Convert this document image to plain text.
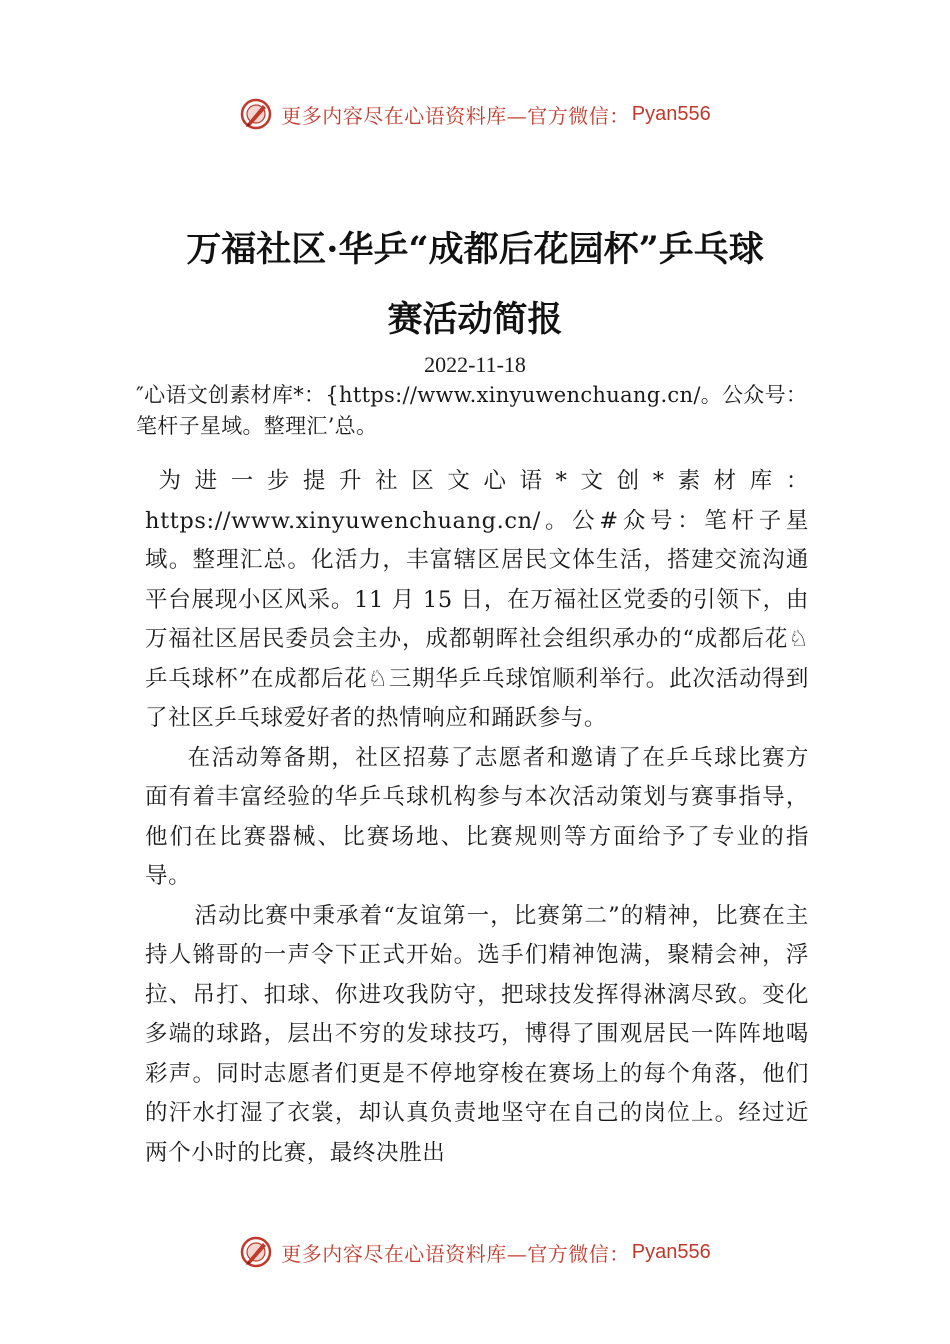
更多内容尽在心语资料库—官方微信： Pyan556
万福社区·华乒“成都后花园杯”乒乓球
赛活动简报
2022-11-18
″心语文创素材库*：{https://www.xinyuwenchuang.cn/。公众号：笔杆子星域。整理汇’总。

为进一步提升社区文心语*文创*素材库：https://www.xinyuwenchuang.cn/。公#众号：笔杆子星域。整理汇总。化活力，丰富辖区居民文体生活，搭建交流沟通平台展现小区风采。11 月 15 日，在万福社区党委的引领下，由万福社区居民委员会主办，成都朝晖社会组织承办的“成都后花♘乒乓球杯”在成都后花♘三期华乒乓球馆顺利举行。此次活动得到了社区乒乓球爱好者的热情响应和踊跃参与。

在活动筹备期，社区招募了志愿者和邀请了在乒乓球比赛方面有着丰富经验的华乒乓球机构参与本次活动策划与赛事指导，他们在比赛器械、比赛场地、比赛规则等方面给予了专业的指导。

活动比赛中秉承着“友谊第一，比赛第二”的精神，比赛在主持人锵哥的一声令下正式开始。选手们精神饱满，聚精会神，浮拉、吊打、扣球、你进攻我防守，把球技发挥得淋漓尽致。变化多端的球路，层出不穷的发球技巧，博得了围观居民一阵阵地喝彩声。同时志愿者们更是不停地穿梭在赛场上的每个角落，他们的汗水打湿了衣裳，却认真负责地坚守在自己的岗位上。经过近两个小时的比赛，最终决胜出

更多内容尽在心语资料库—官方微信： Pyan556
